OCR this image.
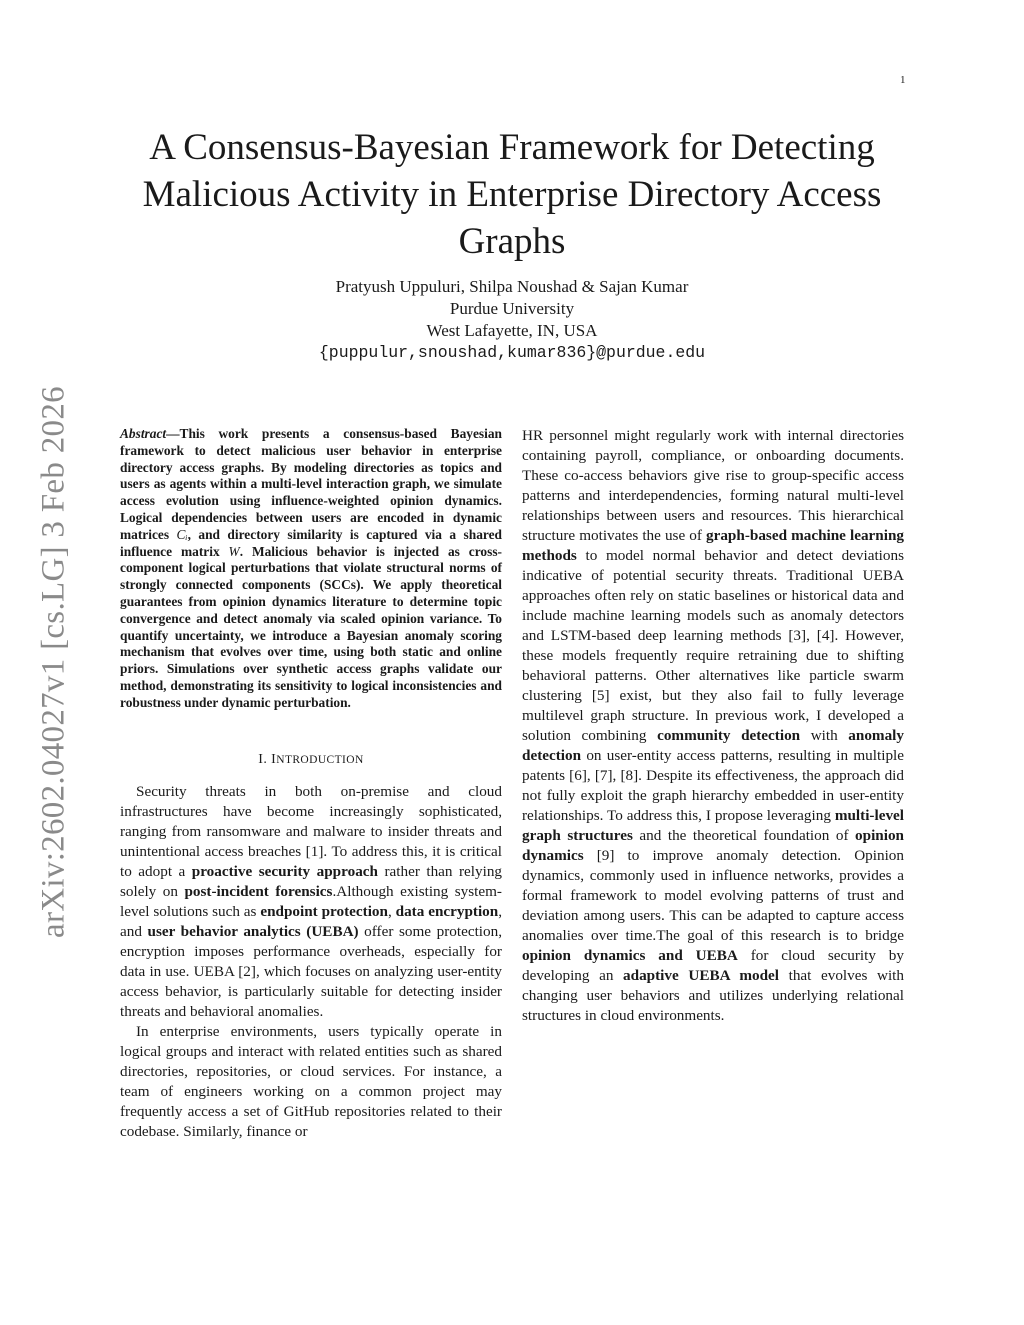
1
arXiv:2602.04027v1 [cs.LG] 3 Feb 2026
A Consensus-Bayesian Framework for Detecting Malicious Activity in Enterprise Directory Access Graphs
Pratyush Uppuluri, Shilpa Noushad & Sajan Kumar
Purdue University
West Lafayette, IN, USA
{puppulur,snoushad,kumar836}@purdue.edu

Abstract—This work presents a consensus-based Bayesian framework to detect malicious user behavior in enterprise directory access graphs. By modeling directories as topics and users as agents within a multi-level interaction graph, we simulate access evolution using influence-weighted opinion dynamics. Logical dependencies between users are encoded in dynamic matrices Cᵢ, and directory similarity is captured via a shared influence matrix W. Malicious behavior is injected as cross-component logical perturbations that violate structural norms of strongly connected components (SCCs). We apply theoretical guarantees from opinion dynamics literature to determine topic convergence and detect anomaly via scaled opinion variance. To quantify uncertainty, we introduce a Bayesian anomaly scoring mechanism that evolves over time, using both static and online priors. Simulations over synthetic access graphs validate our method, demonstrating its sensitivity to logical inconsistencies and robustness under dynamic perturbation.

I. INTRODUCTION

Security threats in both on-premise and cloud infrastructures have become increasingly sophisticated, ranging from ransomware and malware to insider threats and unintentional access breaches [1]. To address this, it is critical to adopt a proactive security approach rather than relying solely on post-incident forensics.Although existing system-level solutions such as endpoint protection, data encryption, and user behavior analytics (UEBA) offer some protection, encryption imposes performance overheads, especially for data in use. UEBA [2], which focuses on analyzing user-entity access behavior, is particularly suitable for detecting insider threats and behavioral anomalies.

In enterprise environments, users typically operate in logical groups and interact with related entities such as shared directories, repositories, or cloud services. For instance, a team of engineers working on a common project may frequently access a set of GitHub repositories related to their codebase. Similarly, finance or

HR personnel might regularly work with internal directories containing payroll, compliance, or onboarding documents. These co-access behaviors give rise to group-specific access patterns and interdependencies, forming natural multi-level relationships between users and resources. This hierarchical structure motivates the use of graph-based machine learning methods to model normal behavior and detect deviations indicative of potential security threats. Traditional UEBA approaches often rely on static baselines or historical data and include machine learning models such as anomaly detectors and LSTM-based deep learning methods [3], [4]. However, these models frequently require retraining due to shifting behavioral patterns. Other alternatives like particle swarm clustering [5] exist, but they also fail to fully leverage multilevel graph structure. In previous work, I developed a solution combining community detection with anomaly detection on user-entity access patterns, resulting in multiple patents [6], [7], [8]. Despite its effectiveness, the approach did not fully exploit the graph hierarchy embedded in user-entity relationships. To address this, I propose leveraging multi-level graph structures and the theoretical foundation of opinion dynamics [9] to improve anomaly detection. Opinion dynamics, commonly used in influence networks, provides a formal framework to model evolving patterns of trust and deviation among users. This can be adapted to capture access anomalies over time.The goal of this research is to bridge opinion dynamics and UEBA for cloud security by developing an adaptive UEBA model that evolves with changing user behaviors and utilizes underlying relational structures in cloud environments.
